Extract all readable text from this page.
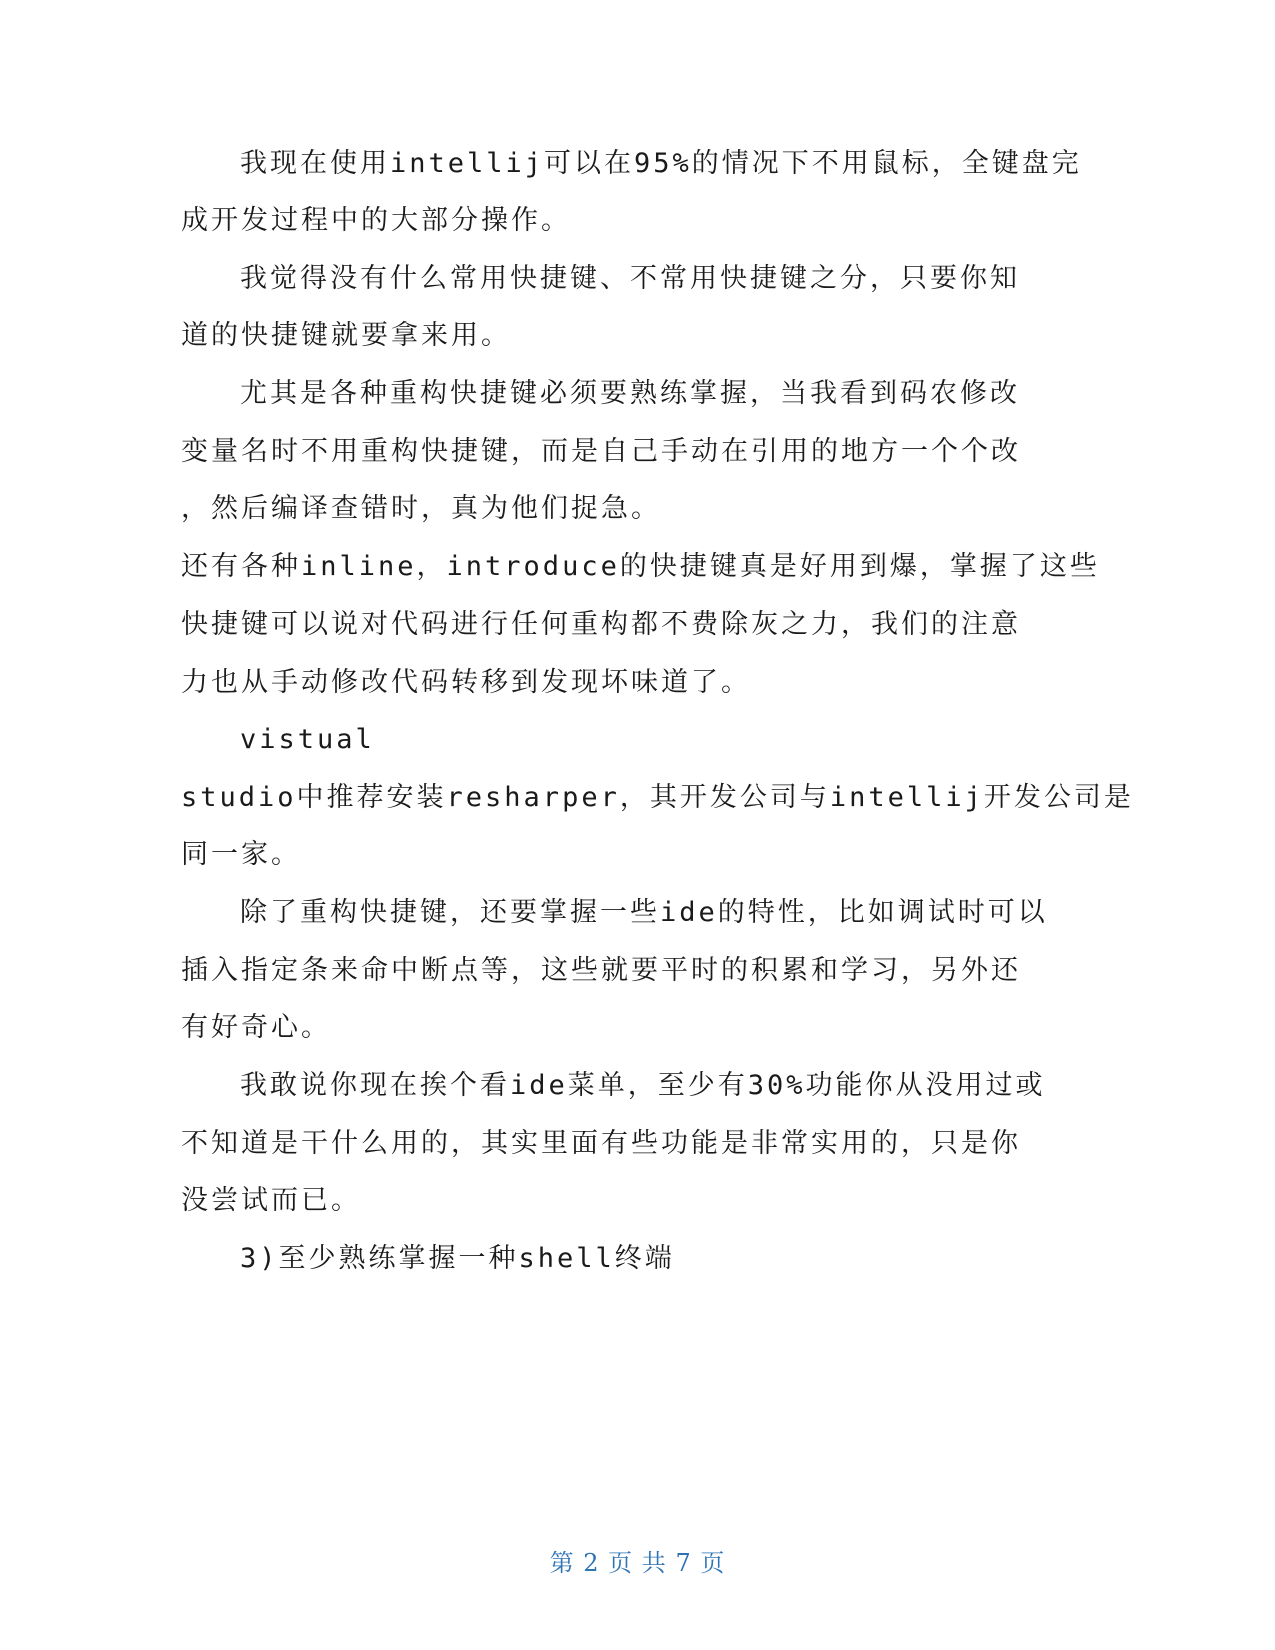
我现在使用intellij可以在95%的情况下不用鼠标，全键盘完
成开发过程中的大部分操作。
我觉得没有什么常用快捷键、不常用快捷键之分，只要你知
道的快捷键就要拿来用。
尤其是各种重构快捷键必须要熟练掌握，当我看到码农修改
变量名时不用重构快捷键，而是自己手动在引用的地方一个个改
，然后编译查错时，真为他们捉急。
还有各种inline，introduce的快捷键真是好用到爆，掌握了这些
快捷键可以说对代码进行任何重构都不费除灰之力，我们的注意
力也从手动修改代码转移到发现坏味道了。
vistual
studio中推荐安装resharper，其开发公司与intellij开发公司是
同一家。
除了重构快捷键，还要掌握一些ide的特性，比如调试时可以
插入指定条来命中断点等，这些就要平时的积累和学习，另外还
有好奇心。
我敢说你现在挨个看ide菜单，至少有30%功能你从没用过或
不知道是干什么用的，其实里面有些功能是非常实用的，只是你
没尝试而已。
3)至少熟练掌握一种shell终端
第 2 页 共 7 页
